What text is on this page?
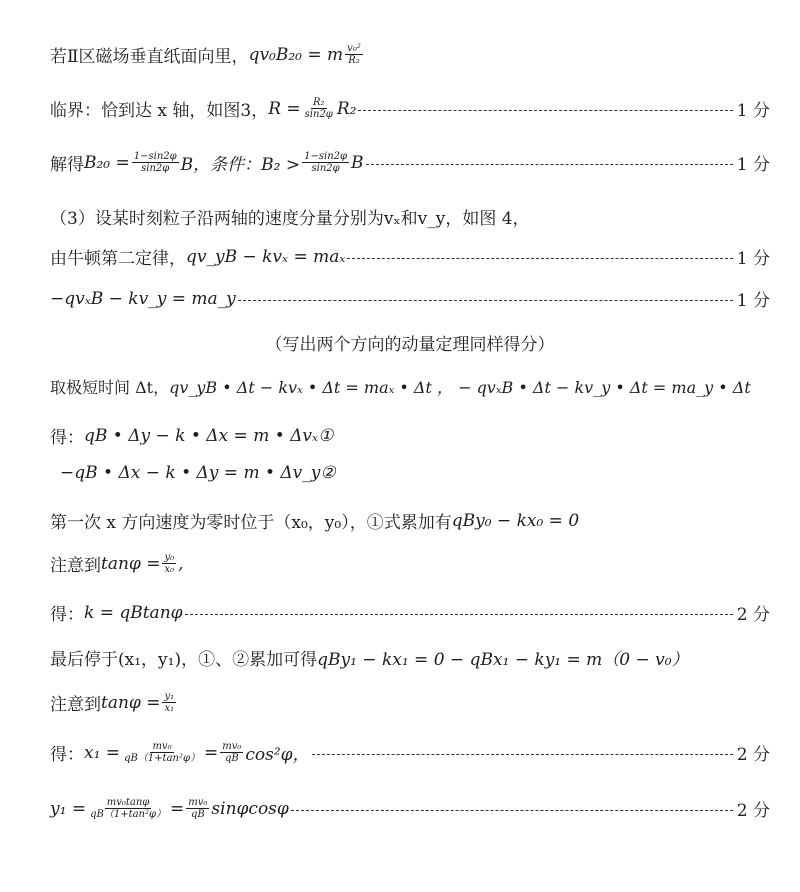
若Ⅱ区磁场垂直纸面向里， qv₀B₂₀ = m $\frac{\text{v₀²}}{\text{R₂}}$
临界：恰到达 x 轴，如图3， $R = \frac{\text{R₂}}{\sin 2\varphi} R_2$	1 分
解得 $B_{20} = \frac{1-\sin 2\varphi}{\sin 2\varphi}$ B，条件：$B_2 > \frac{1-\sin 2\varphi}{\sin 2\varphi}$ B	1 分
（3）设某时刻粒子沿两轴的速度分量分别为vₓ和v_y，如图 4，
由牛顿第二定律， qv_yB − kvₓ = maₓ	1 分
−qvₓB − kv_y = ma_y	1 分
（写出两个方向的动量定理同样得分）
取极短时间 Δt， qv_yB • Δt − kvₓ • Δt = maₓ • Δt ， − qvₓB • Δt − kv_y • Δt = ma_y • Δt
得： qB • Δy − k • Δx = m • Δvₓ①
−qB • Δx − k • Δy = m • Δv_y②
第一次 x 方向速度为零时位于（x₀，y₀），①式累加有 qBy₀ − kx₀ = 0
注意到 $\tan\varphi = \frac{\text{y₀}}{\text{x₀}}$ ,
得： k = qBtanφ	2 分
最后停于(x₁，y₁)，①、②累加可得 qBy₁ − kx₁ = 0 − qBx₁ − ky₁ = m（0 − v₀）
注意到 $\tan\varphi = \frac{\text{y₁}}{\text{x₁}}$
得： $x_1 = \frac{\text{mv₀}}{\text{qB（1+tan²φ）}} = \frac{\text{mv₀}}{qB} \cos^2\varphi$，	2 分
$y_1 = \frac{\text{mv₀tanφ}}{\text{qB（1+tan²φ）}} = \frac{\text{mv₀}}{qB}$ sinφcosφ	2 分
